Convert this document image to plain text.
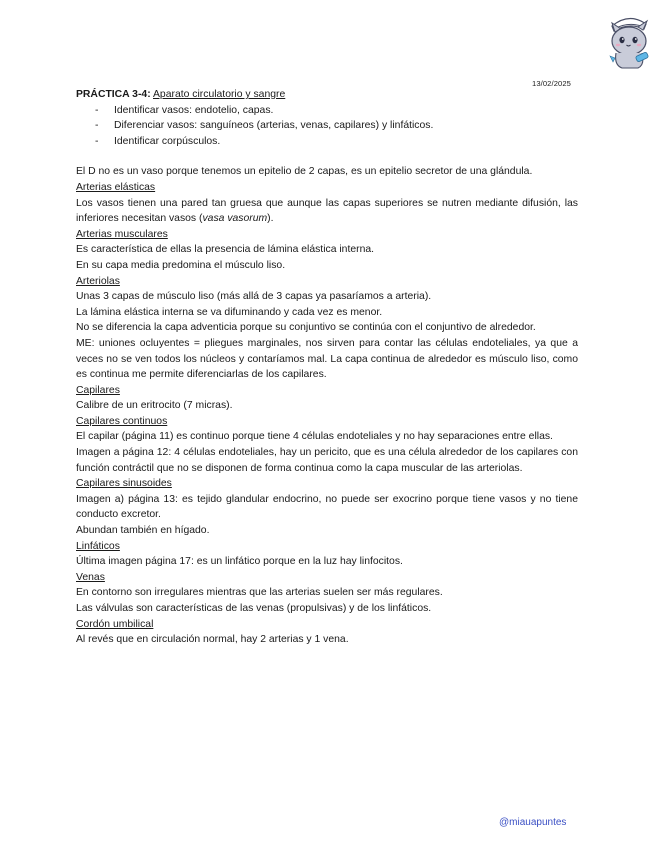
13/02/2025
PRÁCTICA 3-4: Aparato circulatorio y sangre
- Identificar vasos: endotelio, capas.
- Diferenciar vasos: sanguíneos (arterias, venas, capilares) y linfáticos.
- Identificar corpúsculos.

El D no es un vaso porque tenemos un epitelio de 2 capas, es un epitelio secretor de una glándula.

Arterias elásticas

Los vasos tienen una pared tan gruesa que aunque las capas superiores se nutren mediante difusión, las inferiores necesitan vasos (vasa vasorum).

Arterias musculares

Es característica de ellas la presencia de lámina elástica interna.

En su capa media predomina el músculo liso.

Arteriolas

Unas 3 capas de músculo liso (más allá de 3 capas ya pasaríamos a arteria).

La lámina elástica interna se va difuminando y cada vez es menor.

No se diferencia la capa adventicia porque su conjuntivo se continúa con el conjuntivo de alrededor.

ME: uniones ocluyentes = pliegues marginales, nos sirven para contar las células endoteliales, ya que a veces no se ven todos los núcleos y contaríamos mal. La capa continua de alrededor es músculo liso, como es continua me permite diferenciarlas de los capilares.

Capilares

Calibre de un eritrocito (7 micras).

Capilares continuos

El capilar (página 11) es continuo porque tiene 4 células endoteliales y no hay separaciones entre ellas.

Imagen a página 12: 4 células endoteliales, hay un pericito, que es una célula alrededor de los capilares con función contráctil que no se disponen de forma continua como la capa muscular de las arteriolas.

Capilares sinusoides

Imagen a) página 13: es tejido glandular endocrino, no puede ser exocrino porque tiene vasos y no tiene conducto excretor.

Abundan también en hígado.

Linfáticos

Última imagen página 17: es un linfático porque en la luz hay linfocitos.

Venas

En contorno son irregulares mientras que las arterias suelen ser más regulares.

Las válvulas son características de las venas (propulsivas) y de los linfáticos.

Cordón umbilical

Al revés que en circulación normal, hay 2 arterias y 1 vena.

@miauapuntes
